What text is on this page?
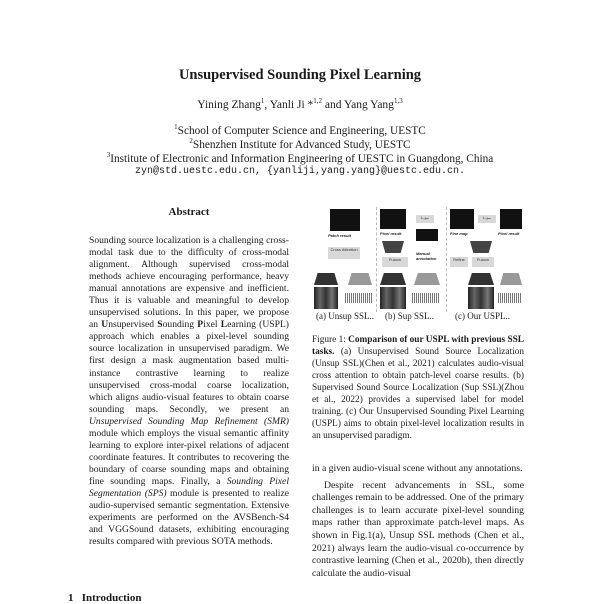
Unsupervised Sounding Pixel Learning
Yining Zhang$^1$, Yanli Ji *$^{1,2}$ and Yang Yang$^{1,3}$
$^1$School of Computer Science and Engineering, UESTC
$^2$Shenzhen Institute for Advanced Study, UESTC
$^3$Institute of Electronic and Information Engineering of UESTC in Guangdong, China
zyn@std.uestc.edu.cn, {yanliji,yang.yang}@uestc.edu.cn.
Abstract

Sounding source localization is a challenging cross-modal task due to the difficulty of cross-modal alignment. Although supervised cross-modal methods achieve encouraging performance, heavy manual annotations are expensive and inefficient. Thus it is valuable and meaningful to develop unsupervised solutions. In this paper, we propose an Unsupervised Sounding Pixel Learning (USPL) approach which enables a pixel-level sounding source localization in unsupervised paradigm. We first design a mask augmentation based multi-instance contrastive learning to realize unsupervised cross-modal coarse localization, which aligns audio-visual features to obtain coarse sounding maps. Secondly, we present an Unsupervised Sounding Map Refinement (SMR) module which employs the visual semantic affinity learning to explore inter-pixel relations of adjacent coordinate features. It contributes to recovering the boundary of coarse sounding maps and obtaining fine sounding maps. Finally, a Sounding Pixel Segmentation (SPS) module is presented to realize audio-supervised semantic segmentation. Extensive experiments are performed on the AVSBench-S4 and VGGSound datasets, exhibiting encouraging results compared with previous SOTA methods.

1 Introduction
Patch result
Cross Attention
Pixel result
Lₛₑₘ
Manual annotation
Fusion
Fine map
Lₛₑₘ
Pixel result
Refine	Fusion
(a) Unsup SSL.. (b) Sup SSL.. (c) Our USPL..

Figure 1: Comparison of our USPL with previous SSL tasks. (a) Unsupervised Sound Source Localization (Unsup SSL)(Chen et al., 2021) calculates audio-visual cross attention to obtain patch-level coarse results. (b) Supervised Sound Source Localization (Sup SSL)(Zhou et al., 2022) provides a supervised label for model training. (c) Our Unsupervised Sounding Pixel Learning (USPL) aims to obtain pixel-level localization results in an unsupervised paradigm.

in a given audio-visual scene without any annotations.

Despite recent advancements in SSL, some challenges remain to be addressed. One of the primary challenges is to learn accurate pixel-level sounding maps rather than approximate patch-level maps. As shown in Fig.1(a), Unsup SSL methods (Chen et al., 2021) always learn the audio-visual co-occurrence by contrastive learning (Chen et al., 2020b), then directly calculate the audio-visual
